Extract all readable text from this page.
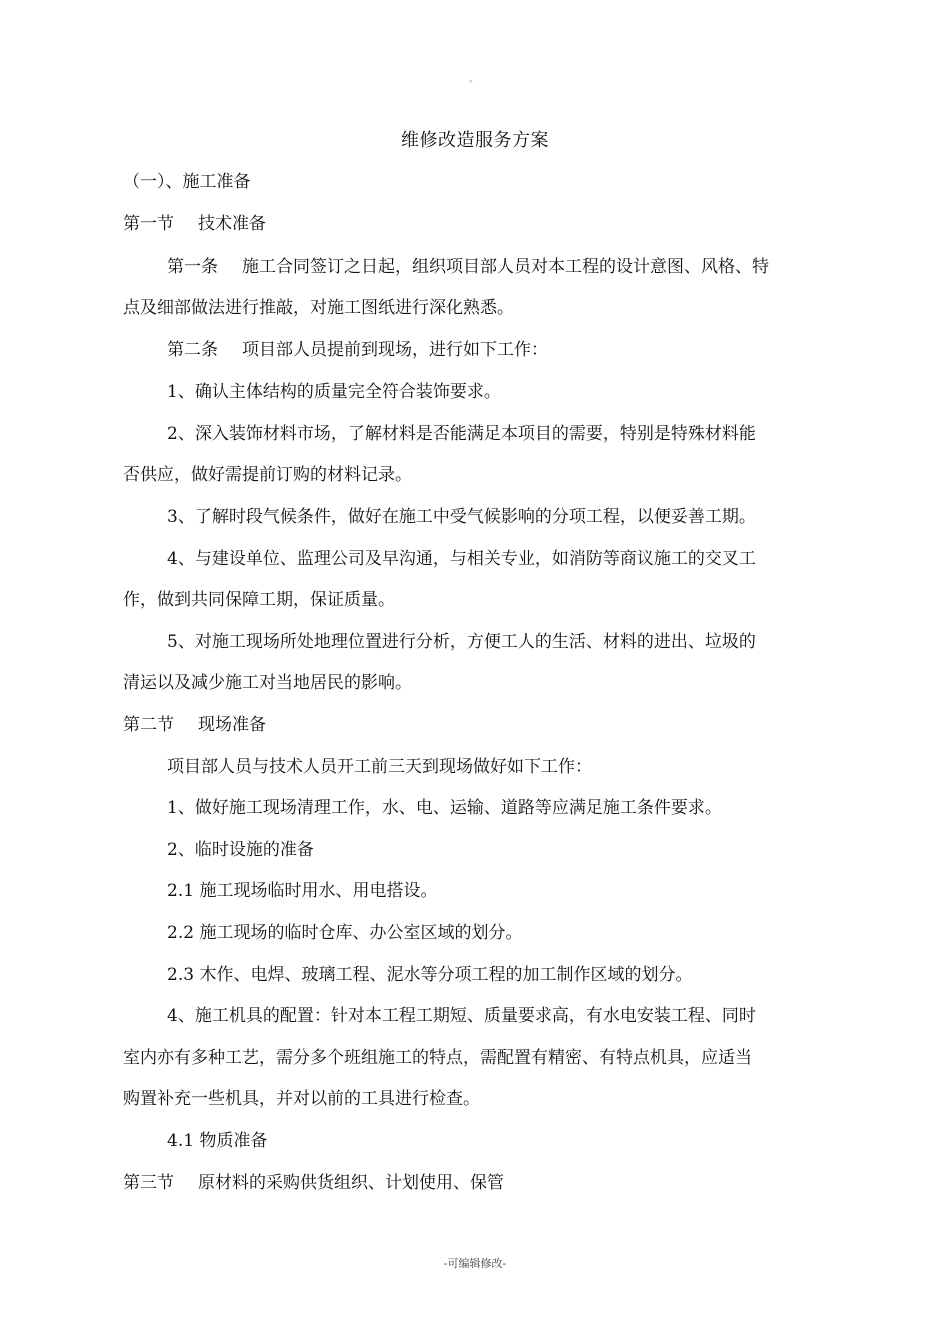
。
维修改造服务方案
（一）、施工准备
第一节 技术准备
第一条 施工合同签订之日起，组织项目部人员对本工程的设计意图、风格、特
点及细部做法进行推敲，对施工图纸进行深化熟悉。
第二条 项目部人员提前到现场，进行如下工作：
1、确认主体结构的质量完全符合装饰要求。
2、深入装饰材料市场，了解材料是否能满足本项目的需要，特别是特殊材料能
否供应，做好需提前订购的材料记录。
3、了解时段气候条件，做好在施工中受气候影响的分项工程，以便妥善工期。
4、与建设单位、监理公司及早沟通，与相关专业，如消防等商议施工的交叉工
作，做到共同保障工期，保证质量。
5、对施工现场所处地理位置进行分析，方便工人的生活、材料的进出、垃圾的
清运以及减少施工对当地居民的影响。
第二节 现场准备
项目部人员与技术人员开工前三天到现场做好如下工作：
1、做好施工现场清理工作，水、电、运输、道路等应满足施工条件要求。
2、临时设施的准备
2.1 施工现场临时用水、用电搭设。
2.2 施工现场的临时仓库、办公室区域的划分。
2.3 木作、电焊、玻璃工程、泥水等分项工程的加工制作区域的划分。
4、施工机具的配置：针对本工程工期短、质量要求高，有水电安装工程、同时
室内亦有多种工艺，需分多个班组施工的特点，需配置有精密、有特点机具，应适当
购置补充一些机具，并对以前的工具进行检查。
4.1 物质准备
第三节 原材料的采购供货组织、计划使用、保管
-可编辑修改-
